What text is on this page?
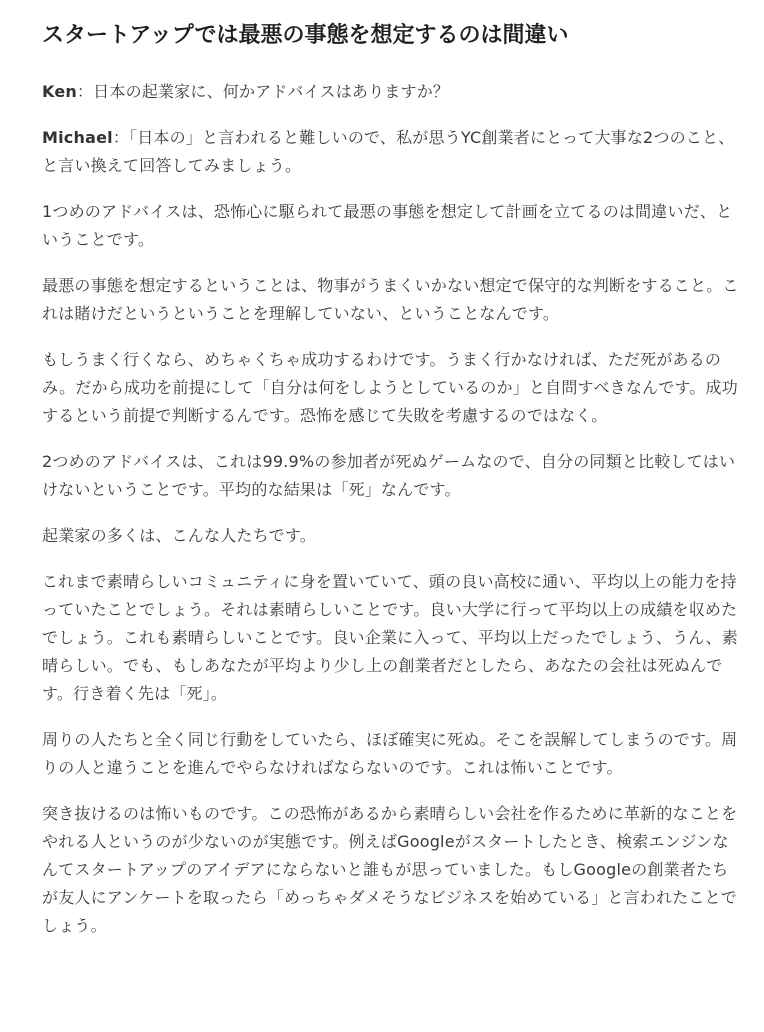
スタートアップでは最悪の事態を想定するのは間違い

Ken：日本の起業家に、何かアドバイスはありますか？

Michael：「日本の」と言われると難しいので、私が思うYC創業者にとって大事な2つのこと、と言い換えて回答してみましょう。

1つめのアドバイスは、恐怖心に駆られて最悪の事態を想定して計画を立てるのは間違いだ、ということです。

最悪の事態を想定するということは、物事がうまくいかない想定で保守的な判断をすること。これは賭けだというということを理解していない、ということなんです。

もしうまく行くなら、めちゃくちゃ成功するわけです。うまく行かなければ、ただ死があるのみ。だから成功を前提にして「自分は何をしようとしているのか」と自問すべきなんです。成功するという前提で判断するんです。恐怖を感じて失敗を考慮するのではなく。

2つめのアドバイスは、これは99.9%の参加者が死ぬゲームなので、自分の同類と比較してはいけないということです。平均的な結果は「死」なんです。

起業家の多くは、こんな人たちです。

これまで素晴らしいコミュニティに身を置いていて、頭の良い高校に通い、平均以上の能力を持っていたことでしょう。それは素晴らしいことです。良い大学に行って平均以上の成績を収めたでしょう。これも素晴らしいことです。良い企業に入って、平均以上だったでしょう、うん、素晴らしい。でも、もしあなたが平均より少し上の創業者だとしたら、あなたの会社は死ぬんです。行き着く先は「死」。

周りの人たちと全く同じ行動をしていたら、ほぼ確実に死ぬ。そこを誤解してしまうのです。周りの人と違うことを進んでやらなければならないのです。これは怖いことです。

突き抜けるのは怖いものです。この恐怖があるから素晴らしい会社を作るために革新的なことをやれる人というのが少ないのが実態です。例えばGoogleがスタートしたとき、検索エンジンなんてスタートアップのアイデアにならないと誰もが思っていました。もしGoogleの創業者たちが友人にアンケートを取ったら「めっちゃダメそうなビジネスを始めている」と言われたことでしょう。
